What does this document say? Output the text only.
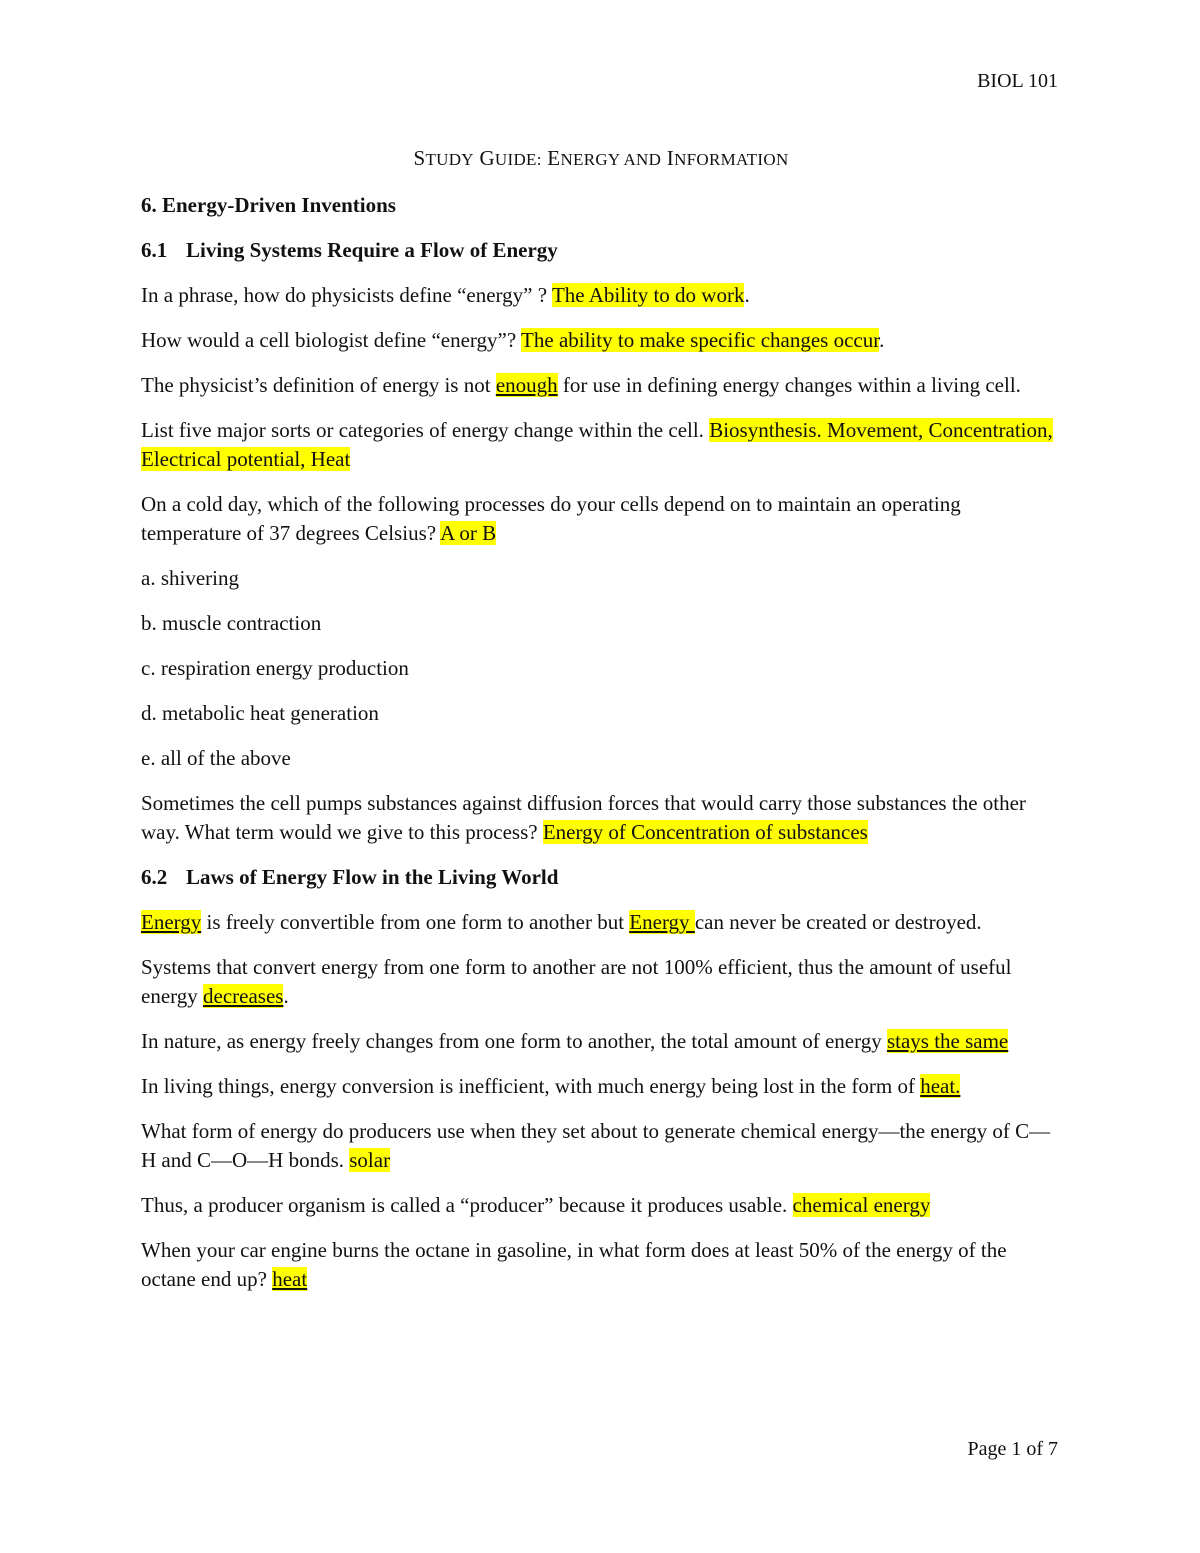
BIOL 101
STUDY GUIDE: ENERGY AND INFORMATION
6. Energy-Driven Inventions
6.1 Living Systems Require a Flow of Energy
In a phrase, how do physicists define “energy” ? The Ability to do work.
How would a cell biologist define “energy”? The ability to make specific changes occur.
The physicist’s definition of energy is not enough for use in defining energy changes within a living cell.
List five major sorts or categories of energy change within the cell. Biosynthesis. Movement, Concentration, Electrical potential, Heat
On a cold day, which of the following processes do your cells depend on to maintain an operating temperature of 37 degrees Celsius? A or B
a. shivering
b. muscle contraction
c. respiration energy production
d. metabolic heat generation
e. all of the above
Sometimes the cell pumps substances against diffusion forces that would carry those substances the other way. What term would we give to this process? Energy of Concentration of substances
6.2 Laws of Energy Flow in the Living World
Energy is freely convertible from one form to another but Energy can never be created or destroyed.
Systems that convert energy from one form to another are not 100% efficient, thus the amount of useful energy decreases.
In nature, as energy freely changes from one form to another, the total amount of energy stays the same
In living things, energy conversion is inefficient, with much energy being lost in the form of heat.
What form of energy do producers use when they set about to generate chemical energy—the energy of C—H and C—O—H bonds. solar
Thus, a producer organism is called a “producer” because it produces usable. chemical energy
When your car engine burns the octane in gasoline, in what form does at least 50% of the energy of the octane end up? heat
Page 1 of 7
